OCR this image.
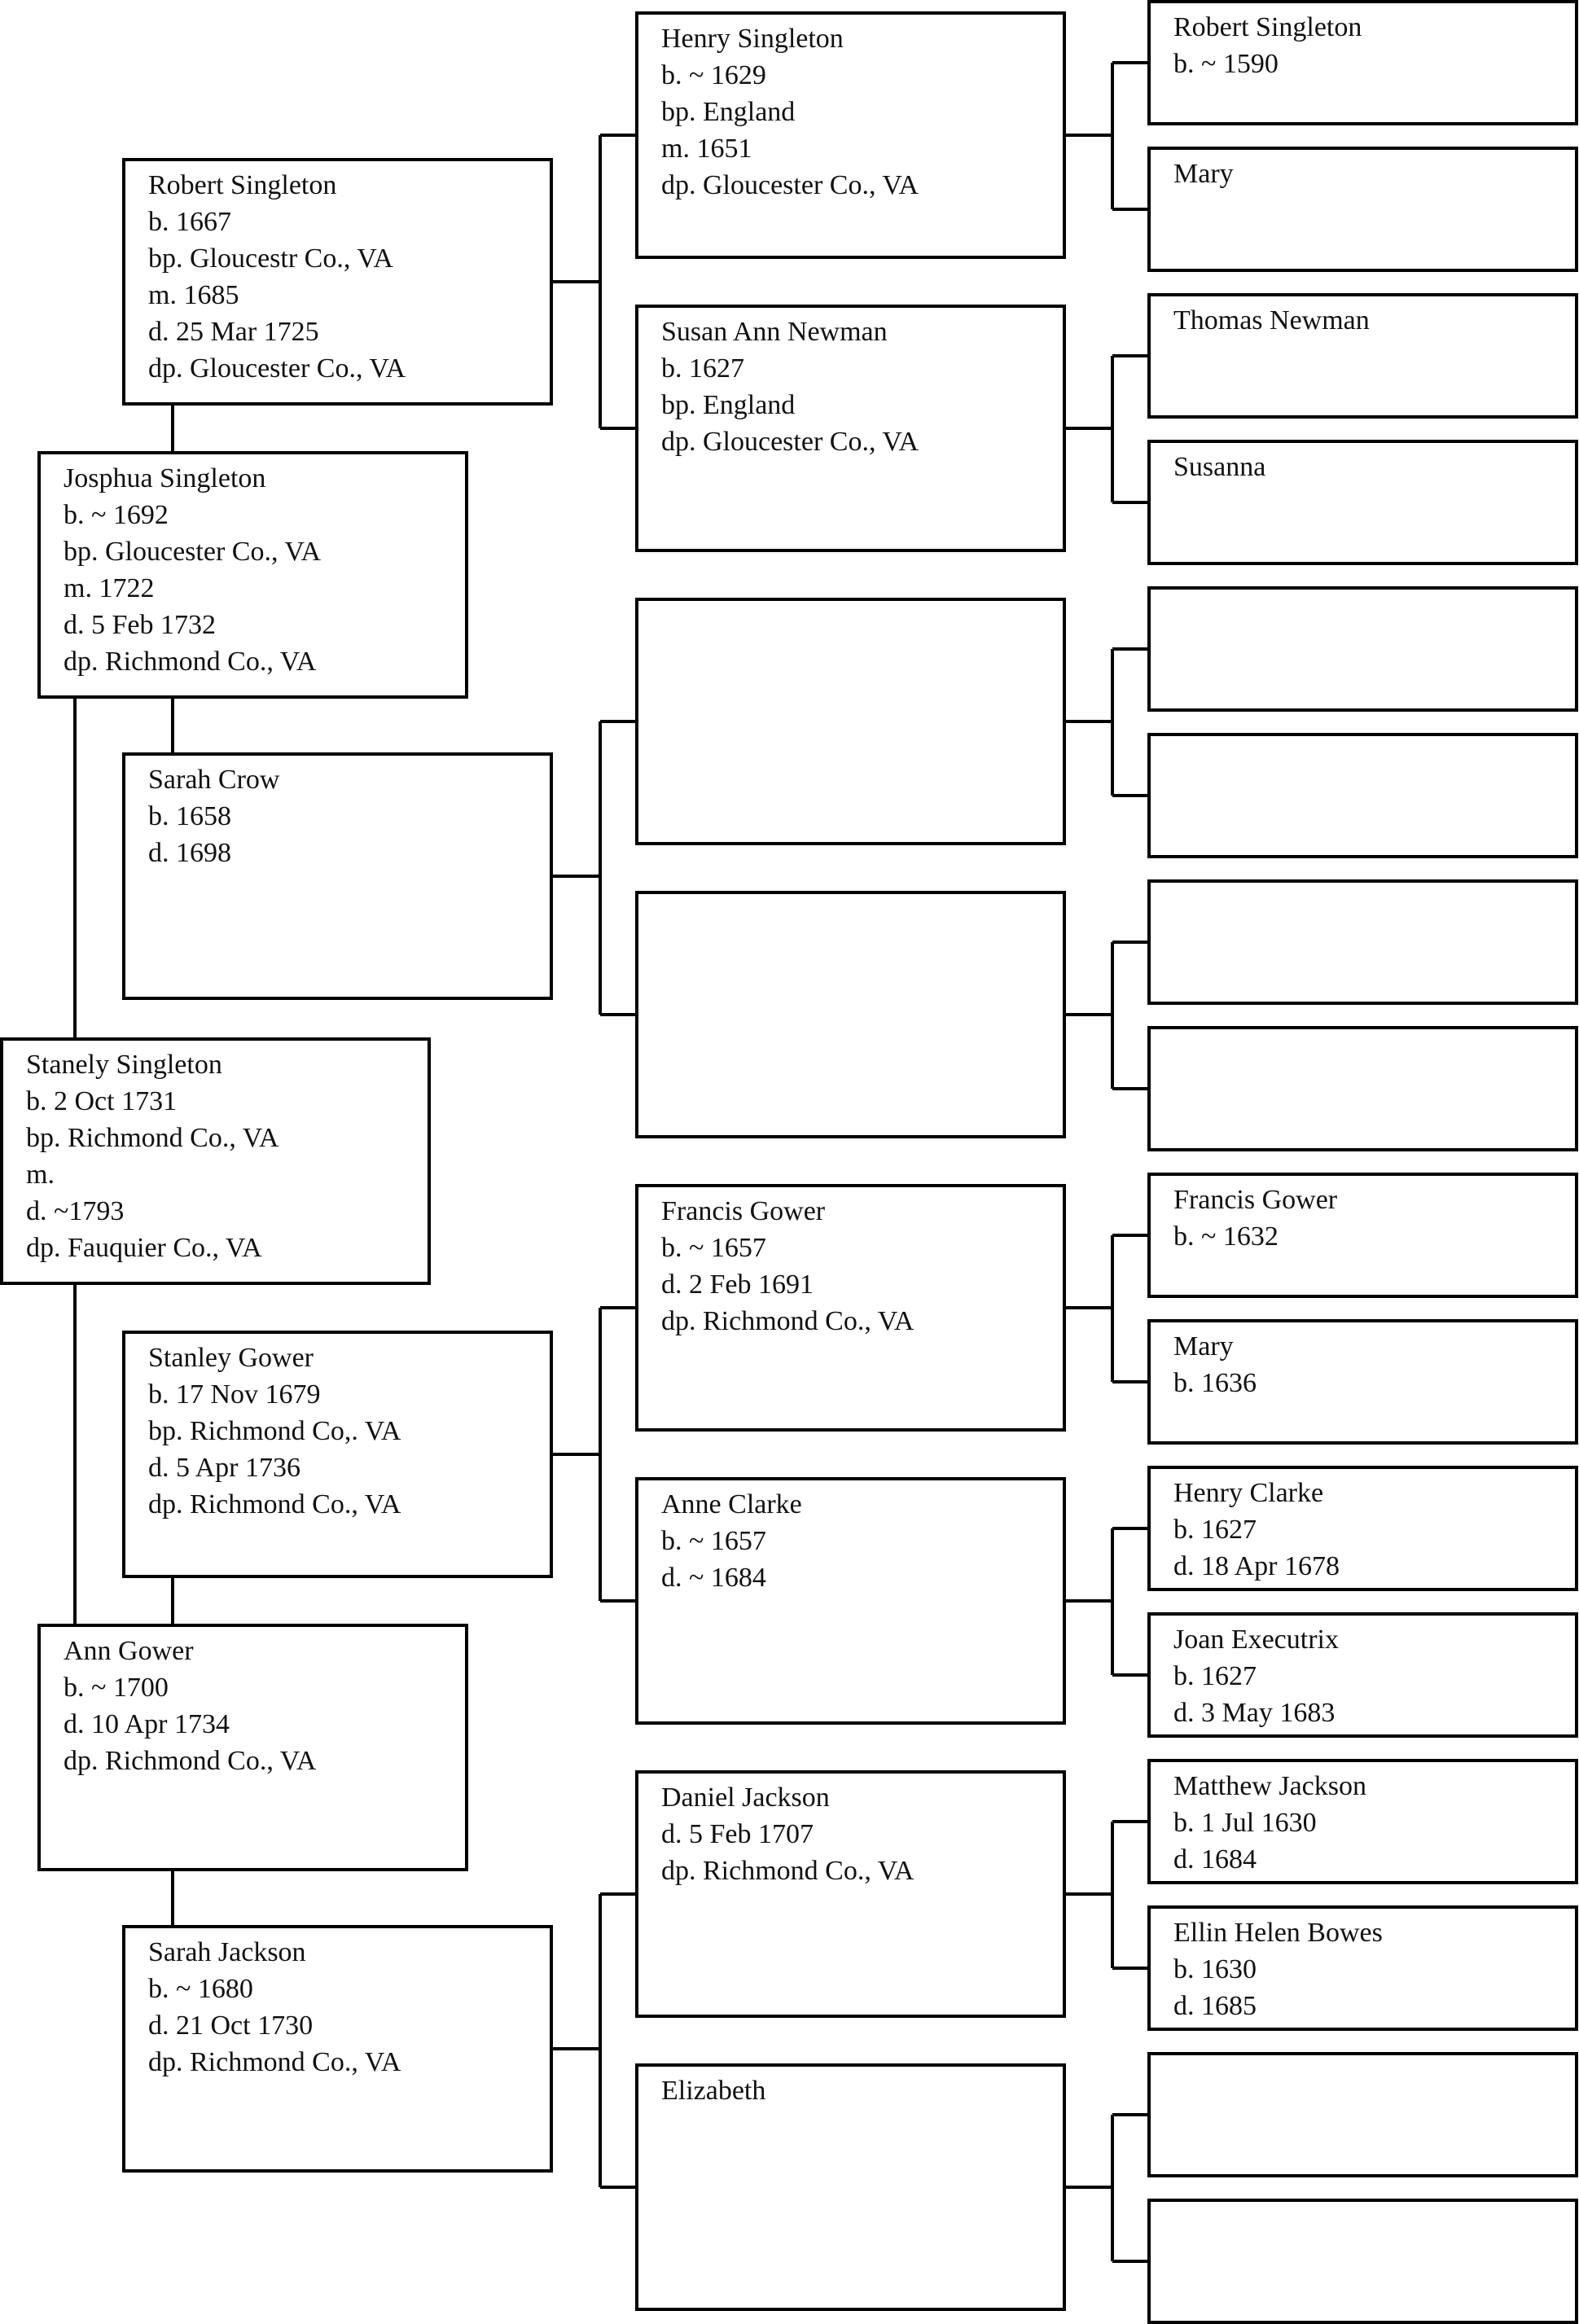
Stanely Singleton
b. 2 Oct 1731
bp. Richmond Co., VA
m.
d. ~1793
dp. Fauquier Co., VA
Josphua Singleton
b. ~ 1692
bp. Gloucester Co., VA
m. 1722
d. 5 Feb 1732
dp. Richmond Co., VA
Ann Gower
b. ~ 1700
d. 10 Apr 1734
dp. Richmond Co., VA
Robert Singleton
b. 1667
bp. Gloucestr Co., VA
m. 1685
d. 25 Mar 1725
dp. Gloucester Co., VA
Sarah Crow
b. 1658
d. 1698
Stanley Gower
b. 17 Nov 1679
bp. Richmond Co,. VA
d. 5 Apr 1736
dp. Richmond Co., VA
Sarah Jackson
b. ~ 1680
d. 21 Oct 1730
dp. Richmond Co., VA
Henry Singleton
b. ~ 1629
bp. England
m. 1651
dp. Gloucester Co., VA
Susan Ann Newman
b. 1627
bp. England
dp. Gloucester Co., VA
Francis Gower
b. ~ 1657
d. 2 Feb 1691
dp. Richmond Co., VA
Anne Clarke
b. ~ 1657
d. ~ 1684
Daniel Jackson
d. 5 Feb 1707
dp. Richmond Co., VA
Elizabeth
Robert Singleton
b. ~ 1590
Mary
Thomas Newman
Susanna
Francis Gower
b. ~ 1632
Mary
b. 1636
Henry Clarke
b. 1627
d. 18 Apr 1678
Joan Executrix
b. 1627
d. 3 May 1683
Matthew Jackson
b. 1 Jul 1630
d. 1684
Ellin Helen Bowes
b. 1630
d. 1685
